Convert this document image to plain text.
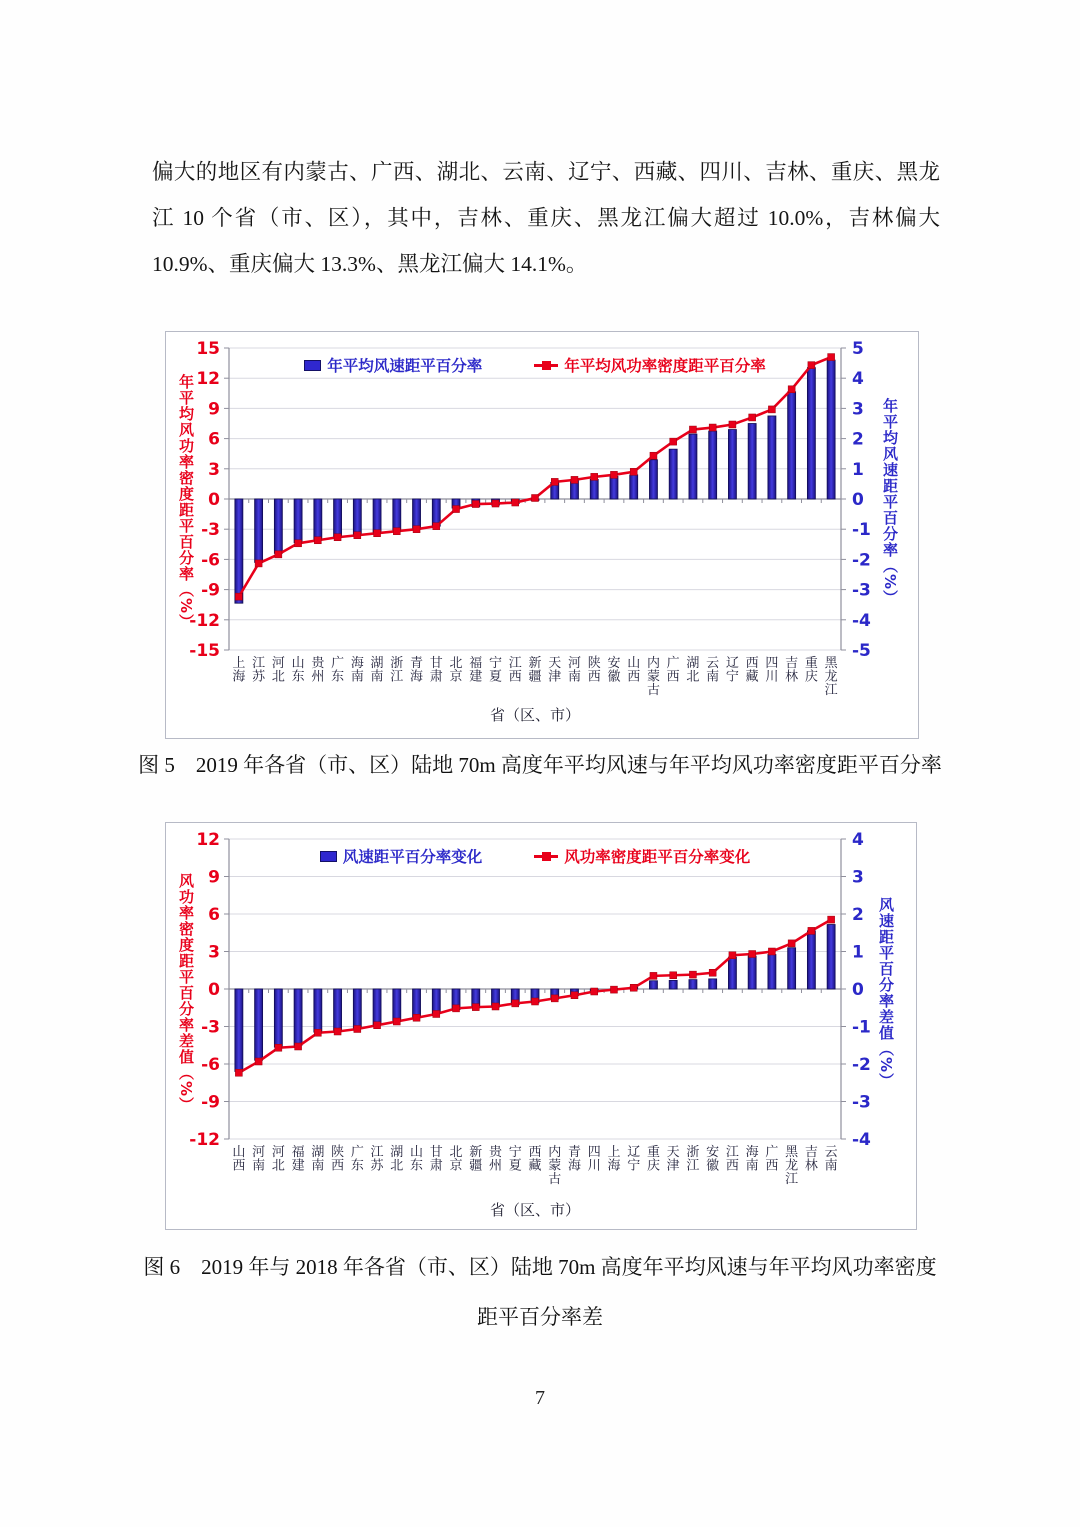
偏大的地区有内蒙古、广西、湖北、云南、辽宁、西藏、四川、吉林、重庆、黑龙江 10 个省（市、区），其中，吉林、重庆、黑龙江偏大超过 10.0%，吉林偏大 10.9%、重庆偏大 13.3%、黑龙江偏大 14.1%。

年平均风速距平百分率	年平均风功率密度距平百分率
年平均风功率密度距平百分率（%）	年平均风速距平百分率（%）
-15
-12
-9
-6
-3
0
3
6
9
12
15
-5
-4
-3
-2
-1
0
1
2
3
4
5
上海
江苏
河北
山东
贵州
广东
海南
湖南
浙江
青海
甘肃
北京
福建
宁夏
江西
新疆
天津
河南
陕西
安徽
山西
内蒙古
广西
湖北
云南
辽宁
西藏
四川
吉林
重庆
黑龙江
省（区、市）
图 5　2019 年各省（市、区）陆地 70m 高度年平均风速与年平均风功率密度距平百分率
风速距平百分率变化	风功率密度距平百分率变化
风功率密度距平百分率差值（%）	风速距平百分率差值（%）
-12
-9
-6
-3
0
3
6
9
12
-4
-3
-2
-1
0
1
2
3
4
山西
河南
河北
福建
湖南
陕西
广东
江苏
湖北
山东
甘肃
北京
新疆
贵州
宁夏
西藏
内蒙古
青海
四川
上海
辽宁
重庆
天津
浙江
安徽
江西
海南
广西
黑龙江
吉林
云南
省（区、市）
图 6　2019 年与 2018 年各省（市、区）陆地 70m 高度年平均风速与年平均风功率密度
距平百分率差
7
